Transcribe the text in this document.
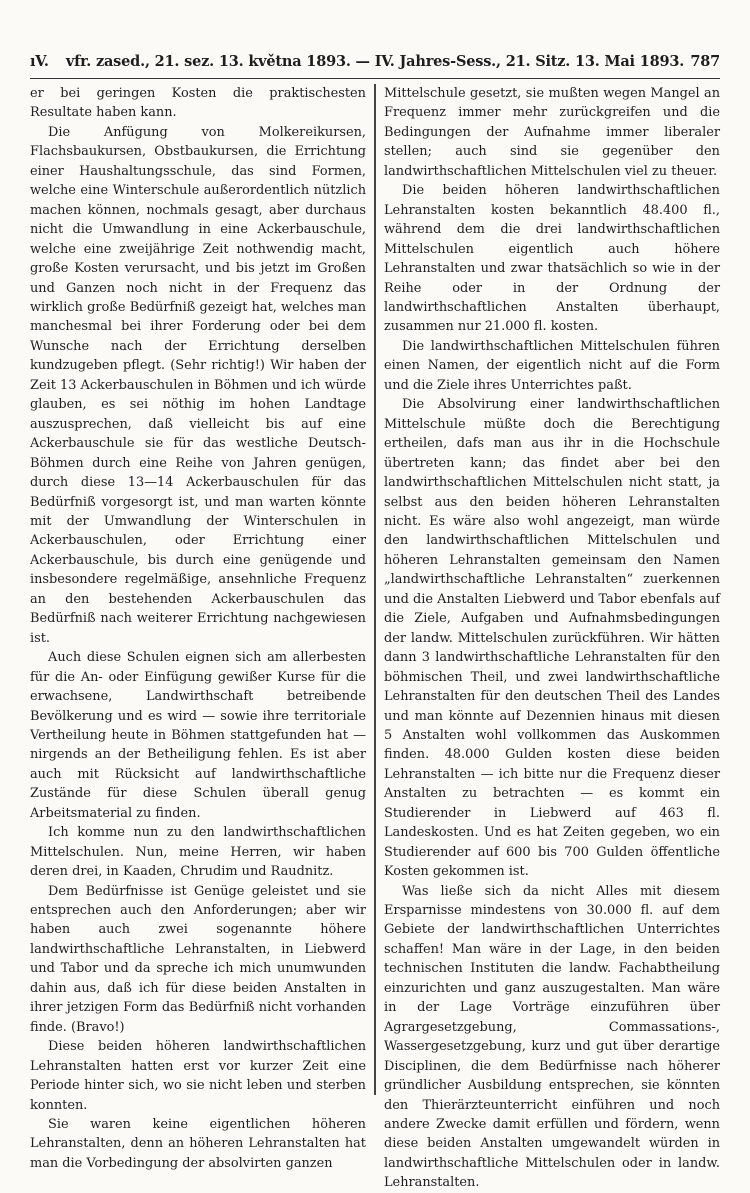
ıV. vfr. zased., 21. sez. 13. května 1893. — IV. Jahres-Sess., 21. Sitz. 13. Mai 1893. 787

er bei geringen Kosten die praktischesten Resultate haben kann.

Die Anfügung von Molkereikursen, Flachsbaukursen, Obstbaukursen, die Errichtung einer Haushaltungsschule, das sind Formen, welche eine Winterschule außerordentlich nützlich machen können, nochmals gesagt, aber durchaus nicht die Umwandlung in eine Ackerbauschule, welche eine zweijährige Zeit nothwendig macht, große Kosten verursacht, und bis jetzt im Großen und Ganzen noch nicht in der Frequenz das wirklich große Bedürfniß gezeigt hat, welches man manchesmal bei ihrer Forderung oder bei dem Wunsche nach der Errichtung derselben kundzugeben pflegt. (Sehr richtig!) Wir haben der Zeit 13 Ackerbauschulen in Böhmen und ich würde glauben, es sei nöthig im hohen Landtage auszusprechen, daß vielleicht bis auf eine Ackerbauschule sie für das westliche Deutsch-Böhmen durch eine Reihe von Jahren genügen, durch diese 13—14 Ackerbauschulen für das Bedürfniß vorgesorgt ist, und man warten könnte mit der Umwandlung der Winterschulen in Ackerbauschulen, oder Errichtung einer Ackerbauschule, bis durch eine genügende und insbesondere regelmäßige, ansehnliche Frequenz an den bestehenden Ackerbauschulen das Bedürfniß nach weiterer Errichtung nachgewiesen ist.

Auch diese Schulen eignen sich am allerbesten für die An- oder Einfügung gewißer Kurse für die erwachsene, Landwirthschaft betreibende Bevölkerung und es wird — sowie ihre territoriale Vertheilung heute in Böhmen stattgefunden hat — nirgends an der Betheiligung fehlen. Es ist aber auch mit Rücksicht auf landwirthschaftliche Zustände für diese Schulen überall genug Arbeitsmaterial zu finden.

Ich komme nun zu den landwirthschaftlichen Mittelschulen. Nun, meine Herren, wir haben deren drei, in Kaaden, Chrudim und Raudnitz.

Dem Bedürfnisse ist Genüge geleistet und sie entsprechen auch den Anforderungen; aber wir haben auch zwei sogenannte höhere landwirthschaftliche Lehranstalten, in Liebwerd und Tabor und da spreche ich mich unumwunden dahin aus, daß ich für diese beiden Anstalten in ihrer jetzigen Form das Bedürfniß nicht vorhanden finde. (Bravo!)

Diese beiden höheren landwirthschaftlichen Lehranstalten hatten erst vor kurzer Zeit eine Periode hinter sich, wo sie nicht leben und sterben konnten.

Sie waren keine eigentlichen höheren Lehranstalten, denn an höheren Lehranstalten hat man die Vorbedingung der absolvirten ganzen

Mittelschule gesetzt, sie mußten wegen Mangel an Frequenz immer mehr zurückgreifen und die Bedingungen der Aufnahme immer liberaler stellen; auch sind sie gegenüber den landwirthschaftlichen Mittelschulen viel zu theuer.

Die beiden höheren landwirthschaftlichen Lehranstalten kosten bekanntlich 48.400 fl., während dem die drei landwirthschaftlichen Mittelschulen eigentlich auch höhere Lehranstalten und zwar thatsächlich so wie in der Reihe oder in der Ordnung der landwirthschaftlichen Anstalten überhaupt, zusammen nur 21.000 fl. kosten.

Die landwirthschaftlichen Mittelschulen führen einen Namen, der eigentlich nicht auf die Form und die Ziele ihres Unterrichtes paßt.

Die Absolvirung einer landwirthschaftlichen Mittelschule müßte doch die Berechtigung ertheilen, dafs man aus ihr in die Hochschule übertreten kann; das findet aber bei den landwirthschaftlichen Mittelschulen nicht statt, ja selbst aus den beiden höheren Lehranstalten nicht. Es wäre also wohl angezeigt, man würde den landwirthschaftlichen Mittelschulen und höheren Lehranstalten gemeinsam den Namen „landwirthschaftliche Lehranstalten“ zuerkennen und die Anstalten Liebwerd und Tabor ebenfals auf die Ziele, Aufgaben und Aufnahmsbedingungen der landw. Mittelschulen zurückführen. Wir hätten dann 3 landwirthschaftliche Lehranstalten für den böhmischen Theil, und zwei landwirthschaftliche Lehranstalten für den deutschen Theil des Landes und man könnte auf Dezennien hinaus mit diesen 5 Anstalten wohl vollkommen das Auskommen finden. 48.000 Gulden kosten diese beiden Lehranstalten — ich bitte nur die Frequenz dieser Anstalten zu betrachten — es kommt ein Studierender in Liebwerd auf 463 fl. Landeskosten. Und es hat Zeiten gegeben, wo ein Studierender auf 600 bis 700 Gulden öffentliche Kosten gekommen ist.

Was ließe sich da nicht Alles mit diesem Ersparnisse mindestens von 30.000 fl. auf dem Gebiete der landwirthschaftlichen Unterrichtes schaffen! Man wäre in der Lage, in den beiden technischen Instituten die landw. Fachabtheilung einzurichten und ganz auszugestalten. Man wäre in der Lage Vorträge einzuführen über Agrargesetzgebung, Commassations-, Wassergesetzgebung, kurz und gut über derartige Disciplinen, die dem Bedürfnisse nach höherer gründlicher Ausbildung entsprechen, sie könnten den Thierärzteunterricht einführen und noch andere Zwecke damit erfüllen und fördern, wenn diese beiden Anstalten umgewandelt würden in landwirthschaftliche Mittelschulen oder in landw. Lehranstalten.
